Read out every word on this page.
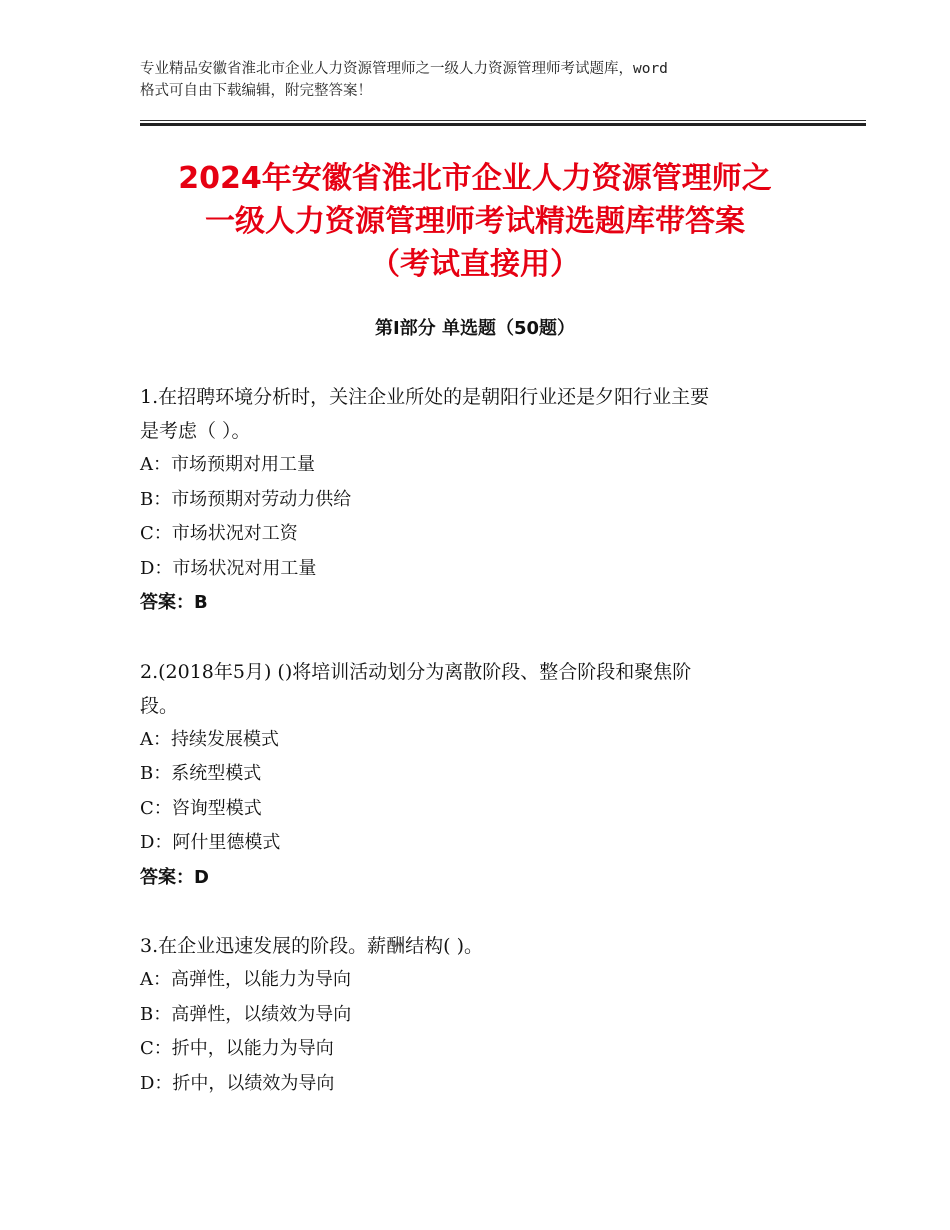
专业精品安徽省淮北市企业人力资源管理师之一级人力资源管理师考试题库，word
格式可自由下载编辑，附完整答案！
2024年安徽省淮北市企业人力资源管理师之
一级人力资源管理师考试精选题库带答案
（考试直接用）
第Ⅰ部分 单选题（50题）
1.在招聘环境分析时，关注企业所处的是朝阳行业还是夕阳行业主要
是考虑（ ）。
A：市场预期对用工量
B：市场预期对劳动力供给
C：市场状况对工资
D：市场状况对用工量
答案：B
2.(2018年5月) ()将培训活动划分为离散阶段、整合阶段和聚焦阶
段。
A：持续发展模式
B：系统型模式
C：咨询型模式
D：阿什里德模式
答案：D
3.在企业迅速发展的阶段。薪酬结构( )。
A：高弹性，以能力为导向
B：高弹性，以绩效为导向
C：折中，以能力为导向
D：折中，以绩效为导向
